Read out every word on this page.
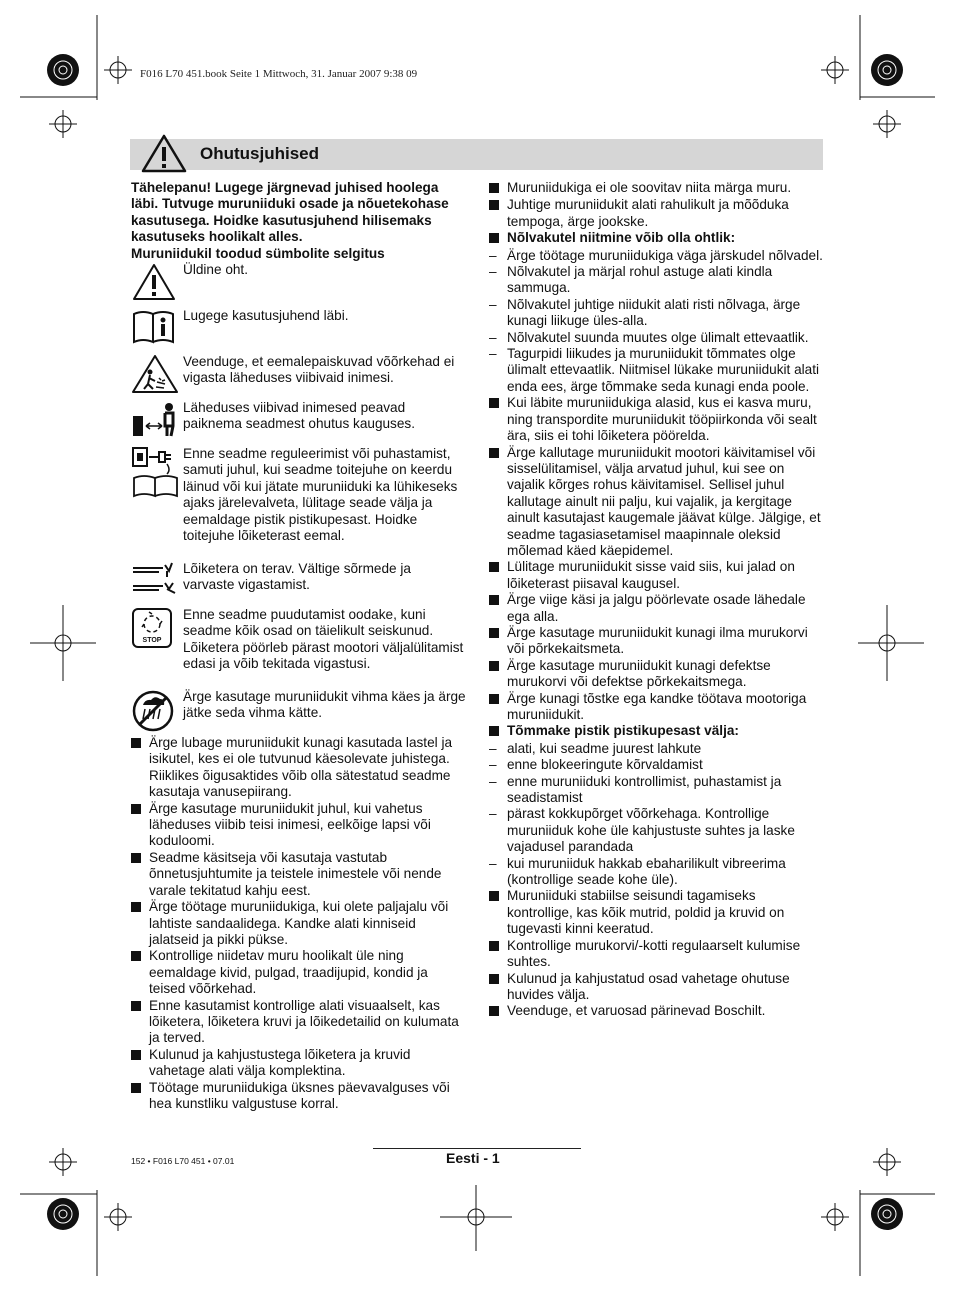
F016 L70 451.book Seite 1 Mittwoch, 31. Januar 2007 9:38 09
Ohutusjuhised

Tähelepanu! Lugege järgnevad juhised hoolega läbi. Tutvuge muruniiduki osade ja nõuetekohase kasutusega. Hoidke kasutusjuhend hilisemaks kasutuseks hoolikalt alles.

Muruniidukil toodud sümbolite selgitus

Üldine oht.
Lugege kasutusjuhend läbi.
Veenduge, et eemalepaiskuvad võõrkehad ei vigasta läheduses viibivaid inimesi.
Läheduses viibivad inimesed peavad paiknema seadmest ohutus kauguses.
Enne seadme reguleerimist või puhastamist, samuti juhul, kui seadme toitejuhe on keerdu läinud või kui jätate muruniiduki ka lühikeseks ajaks järelevalveta, lülitage seade välja ja eemaldage pistik pistikupesast. Hoidke toitejuhe lõiketerast eemal.
Lõiketera on terav. Vältige sõrmede ja varvaste vigastamist.
STOP
Enne seadme puudutamist oodake, kuni seadme kõik osad on täielikult seiskunud. Lõiketera pöörleb pärast mootori väljalülitamist edasi ja võib tekitada vigastusi.
Ärge kasutage muruniidukit vihma käes ja ärge jätke seda vihma kätte.
Ärge lubage muruniidukit kunagi kasutada lastel ja isikutel, kes ei ole tutvunud käesolevate juhistega. Riiklikes õigusaktides võib olla sätestatud seadme kasutaja vanusepiirang.
Ärge kasutage muruniidukit juhul, kui vahetus läheduses viibib teisi inimesi, eelkõige lapsi või koduloomi.
Seadme käsitseja või kasutaja vastutab õnnetusjuhtumite ja teistele inimestele või nende varale tekitatud kahju eest.
Ärge töötage muruniidukiga, kui olete paljajalu või lahtiste sandaalidega. Kandke alati kinniseid jalatseid ja pikki pükse.
Kontrollige niidetav muru hoolikalt üle ning eemaldage kivid, pulgad, traadijupid, kondid ja teised võõrkehad.
Enne kasutamist kontrollige alati visuaalselt, kas lõiketera, lõiketera kruvi ja lõikedetailid on kulumata ja terved.
Kulunud ja kahjustustega lõiketera ja kruvid vahetage alati välja komplektina.
Töötage muruniidukiga üksnes päevavalguses või hea kunstliku valgustuse korral.
Muruniidukiga ei ole soovitav niita märga muru.
Juhtige muruniidukit alati rahulikult ja mõõduka tempoga, ärge jookske.
Nõlvakutel niitmine võib olla ohtlik:
– Ärge töötage muruniidukiga väga järskudel nõlvadel.
– Nõlvakutel ja märjal rohul astuge alati kindla sammuga.
– Nõlvakutel juhtige niidukit alati risti nõlvaga, ärge kunagi liikuge üles-alla.
– Nõlvakutel suunda muutes olge ülimalt ettevaatlik.
– Tagurpidi liikudes ja muruniidukit tõmmates olge ülimalt ettevaatlik. Niitmisel lükake muruniidukit alati enda ees, ärge tõmmake seda kunagi enda poole.
Kui läbite muruniidukiga alasid, kus ei kasva muru, ning transpordite muruniidukit tööpiirkonda või sealt ära, siis ei tohi lõiketera pöörelda.
Ärge kallutage muruniidukit mootori käivitamisel või sisselülitamisel, välja arvatud juhul, kui see on vajalik kõrges rohus käivitamisel. Sellisel juhul kallutage ainult nii palju, kui vajalik, ja kergitage ainult kasutajast kaugemale jäävat külge. Jälgige, et seadme tagasiasetamisel maapinnale oleksid mõlemad käed käepidemel.
Lülitage muruniidukit sisse vaid siis, kui jalad on lõiketerast piisaval kaugusel.
Ärge viige käsi ja jalgu pöörlevate osade lähedale ega alla.
Ärge kasutage muruniidukit kunagi ilma murukorvi või põrkekaitsmeta.
Ärge kasutage muruniidukit kunagi defektse murukorvi või defektse põrkekaitsmega.
Ärge kunagi tõstke ega kandke töötava mootoriga muruniidukit.
Tõmmake pistik pistikupesast välja:
– alati, kui seadme juurest lahkute
– enne blokeeringute kõrvaldamist
– enne muruniiduki kontrollimist, puhastamist ja seadistamist
– pärast kokkupõrget võõrkehaga. Kontrollige muruniiduk kohe üle kahjustuste suhtes ja laske vajadusel parandada
– kui muruniiduk hakkab ebaharilikult vibreerima (kontrollige seade kohe üle).
Muruniiduki stabiilse seisundi tagamiseks kontrollige, kas kõik mutrid, poldid ja kruvid on tugevasti kinni keeratud.
Kontrollige murukorvi/-kotti regulaarselt kulumise suhtes.
Kulunud ja kahjustatud osad vahetage ohutuse huvides välja.
Veenduge, et varuosad pärinevad Boschilt.
152 • F016 L70 451 • 07.01	Eesti - 1
